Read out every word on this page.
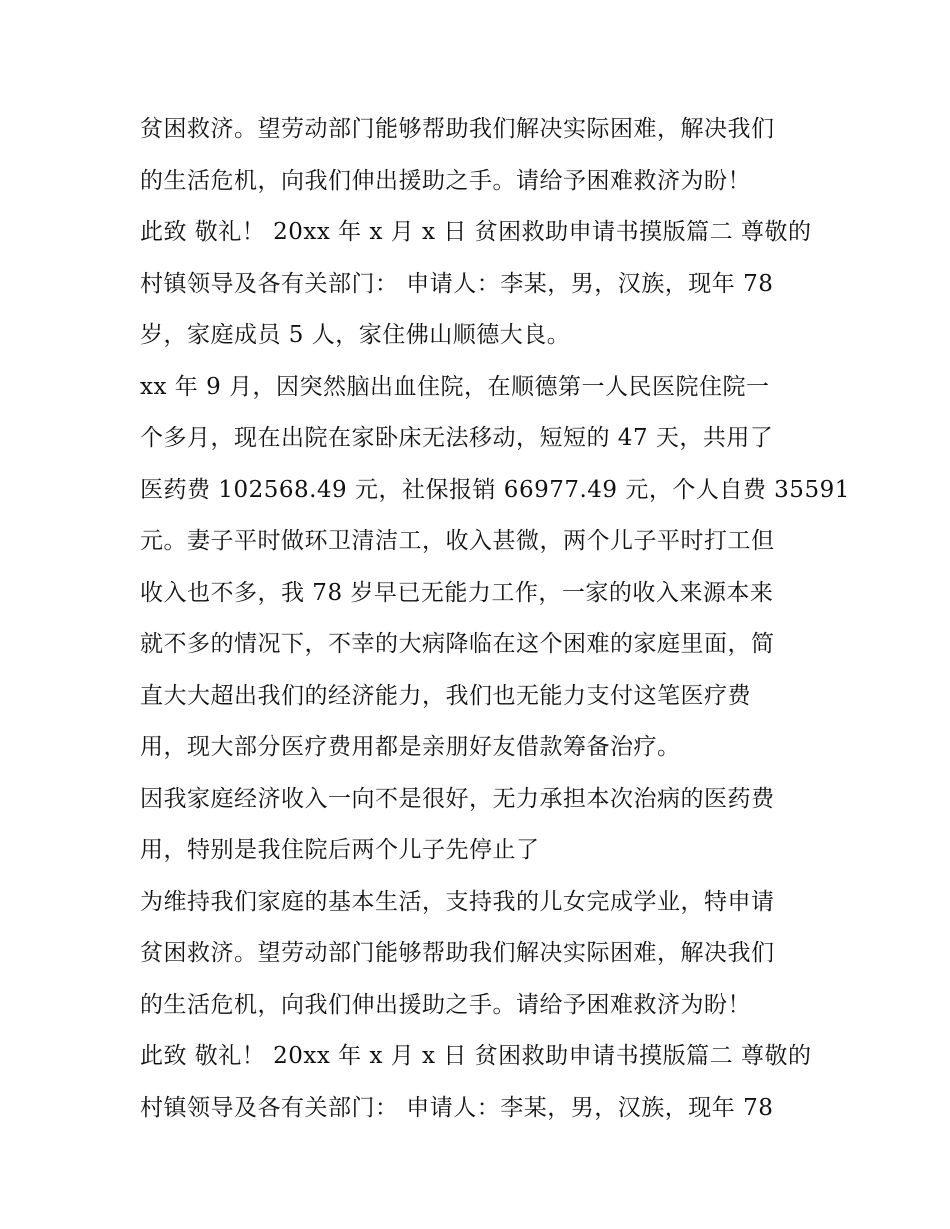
贫困救济。望劳动部门能够帮助我们解决实际困难，解决我们
的生活危机，向我们伸出援助之手。请给予困难救济为盼！
此致 敬礼！ 20xx 年 x 月 x 日 贫困救助申请书摸版篇二 尊敬的
村镇领导及各有关部门： 申请人：李某，男，汉族，现年 78
岁，家庭成员 5 人，家住佛山顺德大良。
xx 年 9 月，因突然脑出血住院，在顺德第一人民医院住院一
个多月，现在出院在家卧床无法移动，短短的 47 天，共用了
医药费 102568.49 元，社保报销 66977.49 元，个人自费 35591
元。妻子平时做环卫清洁工，收入甚微，两个儿子平时打工但
收入也不多，我 78 岁早已无能力工作，一家的收入来源本来
就不多的情况下，不幸的大病降临在这个困难的家庭里面，简
直大大超出我们的经济能力，我们也无能力支付这笔医疗费
用，现大部分医疗费用都是亲朋好友借款筹备治疗。
因我家庭经济收入一向不是很好，无力承担本次治病的医药费
用，特别是我住院后两个儿子先停止了
为维持我们家庭的基本生活，支持我的儿女完成学业，特申请
贫困救济。望劳动部门能够帮助我们解决实际困难，解决我们
的生活危机，向我们伸出援助之手。请给予困难救济为盼！
此致 敬礼！ 20xx 年 x 月 x 日 贫困救助申请书摸版篇二 尊敬的
村镇领导及各有关部门： 申请人：李某，男，汉族，现年 78
